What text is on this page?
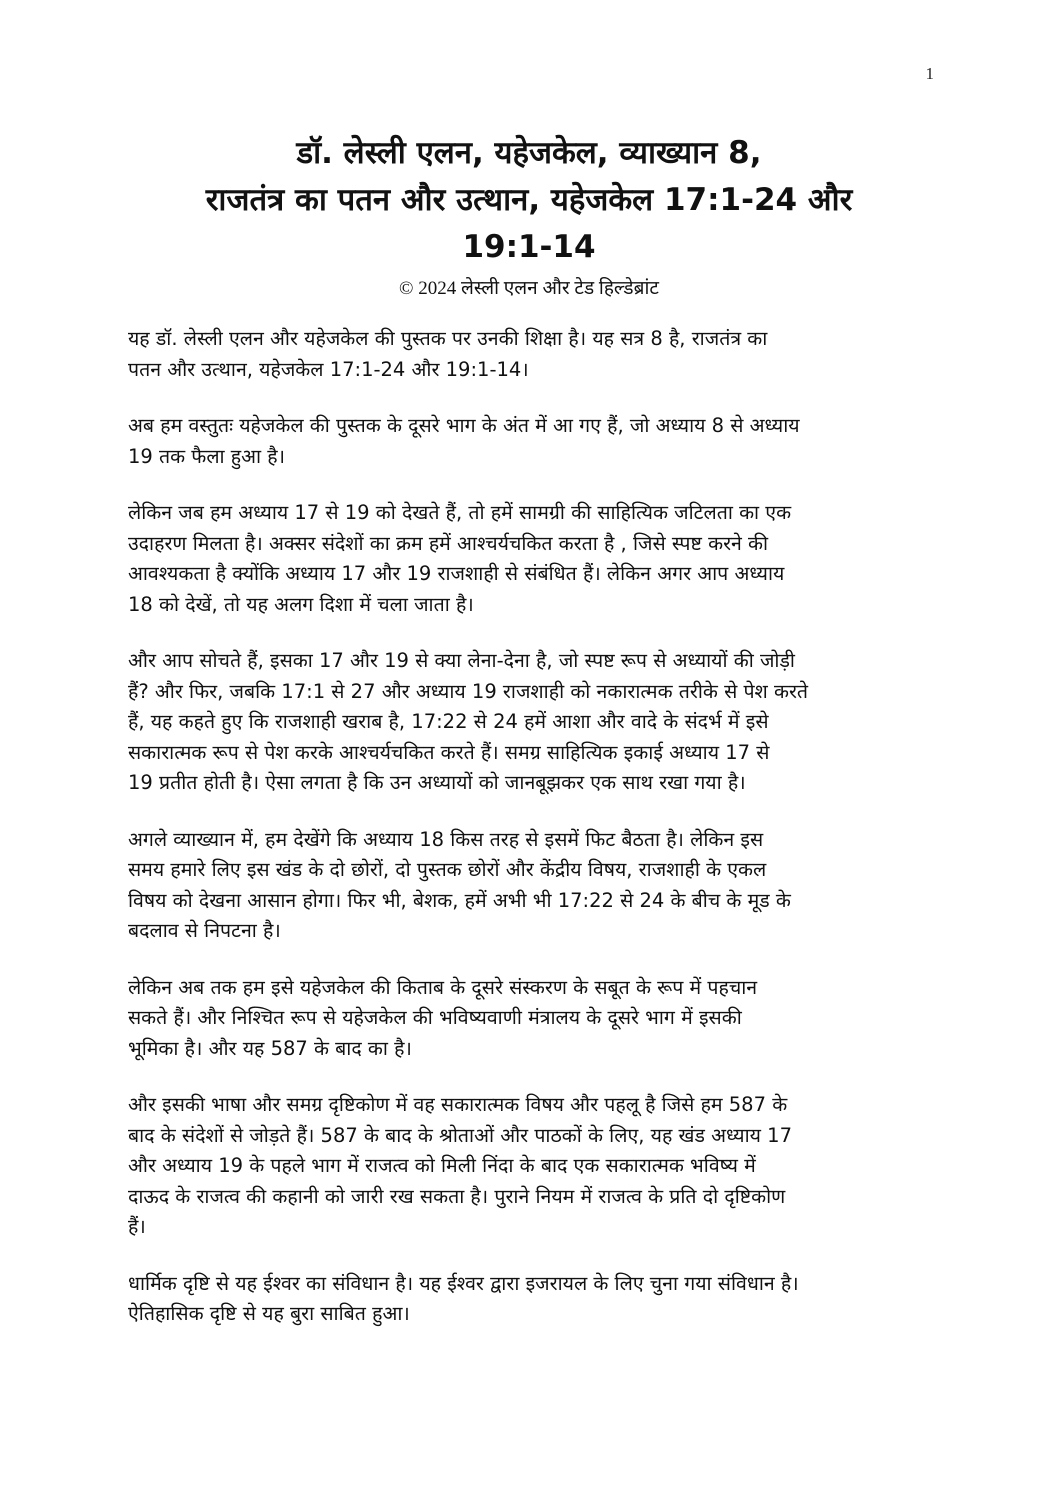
1
डॉ. लेस्ली एलन, यहेजकेल, व्याख्यान 8,
राजतंत्र का पतन और उत्थान, यहेजकेल 17:1-24 और
19:1-14
© 2024 लेस्ली एलन और टेड हिल्डेब्रांट
यह डॉ. लेस्ली एलन और यहेजकेल की पुस्तक पर उनकी शिक्षा है। यह सत्र 8 है, राजतंत्र का
पतन और उत्थान, यहेजकेल 17:1-24 और 19:1-14।
अब हम वस्तुतः यहेजकेल की पुस्तक के दूसरे भाग के अंत में आ गए हैं, जो अध्याय 8 से अध्याय
19 तक फैला हुआ है।
लेकिन जब हम अध्याय 17 से 19 को देखते हैं, तो हमें सामग्री की साहित्यिक जटिलता का एक
उदाहरण मिलता है। अक्सर संदेशों का क्रम हमें आश्चर्यचकित करता है , जिसे स्पष्ट करने की
आवश्यकता है क्योंकि अध्याय 17 और 19 राजशाही से संबंधित हैं। लेकिन अगर आप अध्याय
18 को देखें, तो यह अलग दिशा में चला जाता है।
और आप सोचते हैं, इसका 17 और 19 से क्या लेना-देना है, जो स्पष्ट रूप से अध्यायों की जोड़ी
हैं? और फिर, जबकि 17:1 से 27 और अध्याय 19 राजशाही को नकारात्मक तरीके से पेश करते
हैं, यह कहते हुए कि राजशाही खराब है, 17:22 से 24 हमें आशा और वादे के संदर्भ में इसे
सकारात्मक रूप से पेश करके आश्चर्यचकित करते हैं। समग्र साहित्यिक इकाई अध्याय 17 से
19 प्रतीत होती है। ऐसा लगता है कि उन अध्यायों को जानबूझकर एक साथ रखा गया है।
अगले व्याख्यान में, हम देखेंगे कि अध्याय 18 किस तरह से इसमें फिट बैठता है। लेकिन इस
समय हमारे लिए इस खंड के दो छोरों, दो पुस्तक छोरों और केंद्रीय विषय, राजशाही के एकल
विषय को देखना आसान होगा। फिर भी, बेशक, हमें अभी भी 17:22 से 24 के बीच के मूड के
बदलाव से निपटना है।
लेकिन अब तक हम इसे यहेजकेल की किताब के दूसरे संस्करण के सबूत के रूप में पहचान
सकते हैं। और निश्चित रूप से यहेजकेल की भविष्यवाणी मंत्रालय के दूसरे भाग में इसकी
भूमिका है। और यह 587 के बाद का है।
और इसकी भाषा और समग्र दृष्टिकोण में वह सकारात्मक विषय और पहलू है जिसे हम 587 के
बाद के संदेशों से जोड़ते हैं। 587 के बाद के श्रोताओं और पाठकों के लिए, यह खंड अध्याय 17
और अध्याय 19 के पहले भाग में राजत्व को मिली निंदा के बाद एक सकारात्मक भविष्य में
दाऊद के राजत्व की कहानी को जारी रख सकता है। पुराने नियम में राजत्व के प्रति दो दृष्टिकोण
हैं।
धार्मिक दृष्टि से यह ईश्वर का संविधान है। यह ईश्वर द्वारा इजरायल के लिए चुना गया संविधान है।
ऐतिहासिक दृष्टि से यह बुरा साबित हुआ।
